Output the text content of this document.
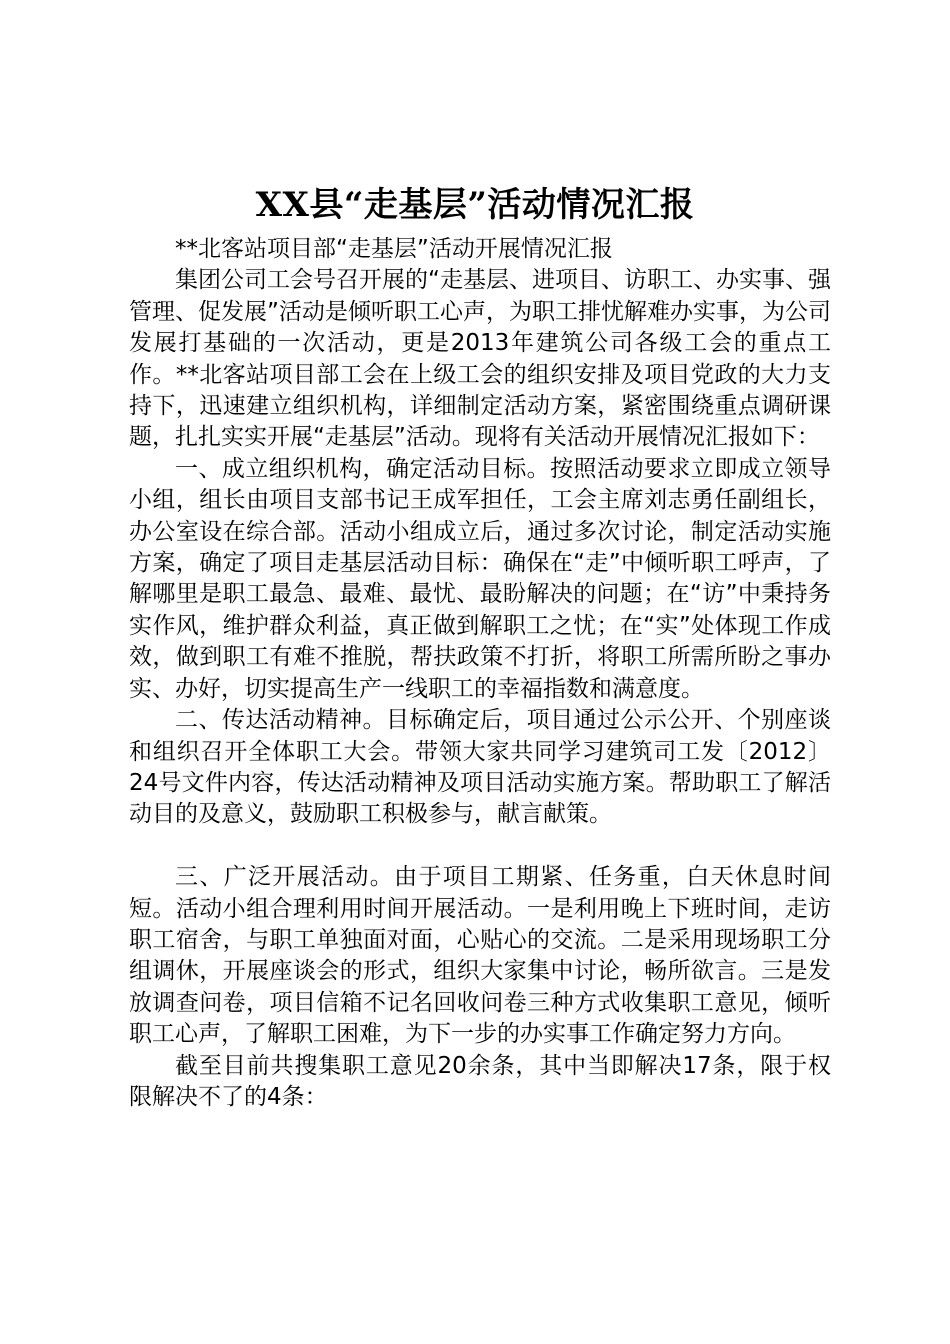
XX县“走基层”活动情况汇报

**北客站项目部“走基层”活动开展情况汇报

集团公司工会号召开展的“走基层、进项目、访职工、办实事、强管理、促发展”活动是倾听职工心声，为职工排忧解难办实事，为公司发展打基础的一次活动，更是2013年建筑公司各级工会的重点工作。**北客站项目部工会在上级工会的组织安排及项目党政的大力支持下，迅速建立组织机构，详细制定活动方案，紧密围绕重点调研课题，扎扎实实开展“走基层”活动。现将有关活动开展情况汇报如下：

一、成立组织机构，确定活动目标。按照活动要求立即成立领导小组，组长由项目支部书记王成军担任，工会主席刘志勇任副组长，办公室设在综合部。活动小组成立后，通过多次讨论，制定活动实施方案，确定了项目走基层活动目标：确保在“走”中倾听职工呼声，了解哪里是职工最急、最难、最忧、最盼解决的问题；在“访”中秉持务实作风，维护群众利益，真正做到解职工之忧；在“实”处体现工作成效，做到职工有难不推脱，帮扶政策不打折，将职工所需所盼之事办实、办好，切实提高生产一线职工的幸福指数和满意度。

二、传达活动精神。目标确定后，项目通过公示公开、个别座谈和组织召开全体职工大会。带领大家共同学习建筑司工发〔2012〕24号文件内容，传达活动精神及项目活动实施方案。帮助职工了解活动目的及意义，鼓励职工积极参与，献言献策。

三、广泛开展活动。由于项目工期紧、任务重，白天休息时间短。活动小组合理利用时间开展活动。一是利用晚上下班时间，走访职工宿舍，与职工单独面对面，心贴心的交流。二是采用现场职工分组调休，开展座谈会的形式，组织大家集中讨论，畅所欲言。三是发放调查问卷，项目信箱不记名回收问卷三种方式收集职工意见，倾听职工心声，了解职工困难，为下一步的办实事工作确定努力方向。

截至目前共搜集职工意见20余条，其中当即解决17条，限于权限解决不了的4条：
